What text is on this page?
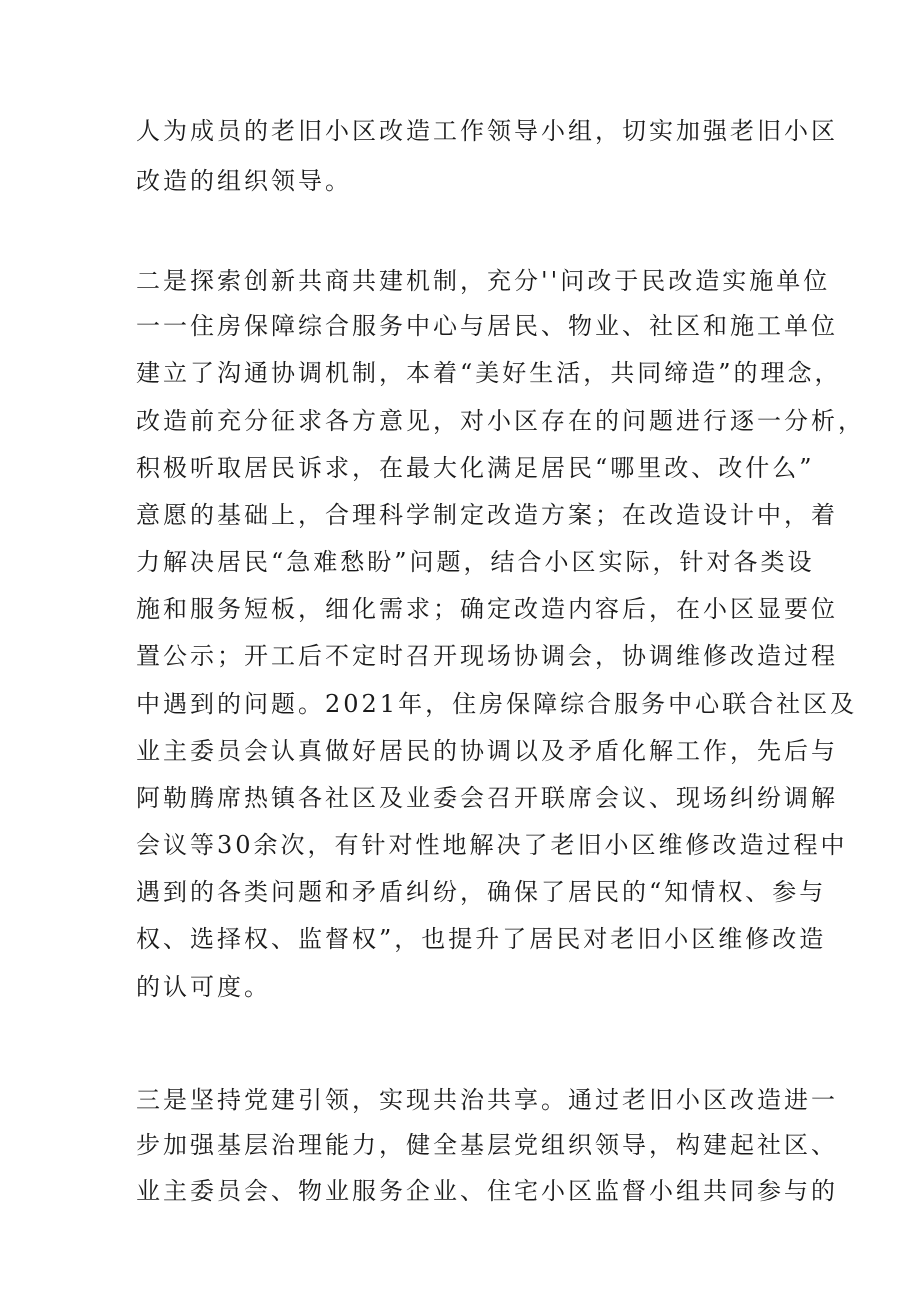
人为成员的老旧小区改造工作领导小组，切实加强老旧小区
改造的组织领导。
二是探索创新共商共建机制，充分''问改于民改造实施单位
一一住房保障综合服务中心与居民、物业、社区和施工单位
建立了沟通协调机制，本着“美好生活，共同缔造”的理念，
改造前充分征求各方意见，对小区存在的问题进行逐一分析，
积极听取居民诉求，在最大化满足居民“哪里改、改什么”
意愿的基础上，合理科学制定改造方案；在改造设计中，着
力解决居民“急难愁盼”问题，结合小区实际，针对各类设
施和服务短板，细化需求；确定改造内容后，在小区显要位
置公示；开工后不定时召开现场协调会，协调维修改造过程
中遇到的问题。2021年，住房保障综合服务中心联合社区及
业主委员会认真做好居民的协调以及矛盾化解工作，先后与
阿勒腾席热镇各社区及业委会召开联席会议、现场纠纷调解
会议等30余次，有针对性地解决了老旧小区维修改造过程中
遇到的各类问题和矛盾纠纷，确保了居民的“知情权、参与
权、选择权、监督权”，也提升了居民对老旧小区维修改造
的认可度。
三是坚持党建引领，实现共治共享。通过老旧小区改造进一
步加强基层治理能力，健全基层党组织领导，构建起社区、
业主委员会、物业服务企业、住宅小区监督小组共同参与的
